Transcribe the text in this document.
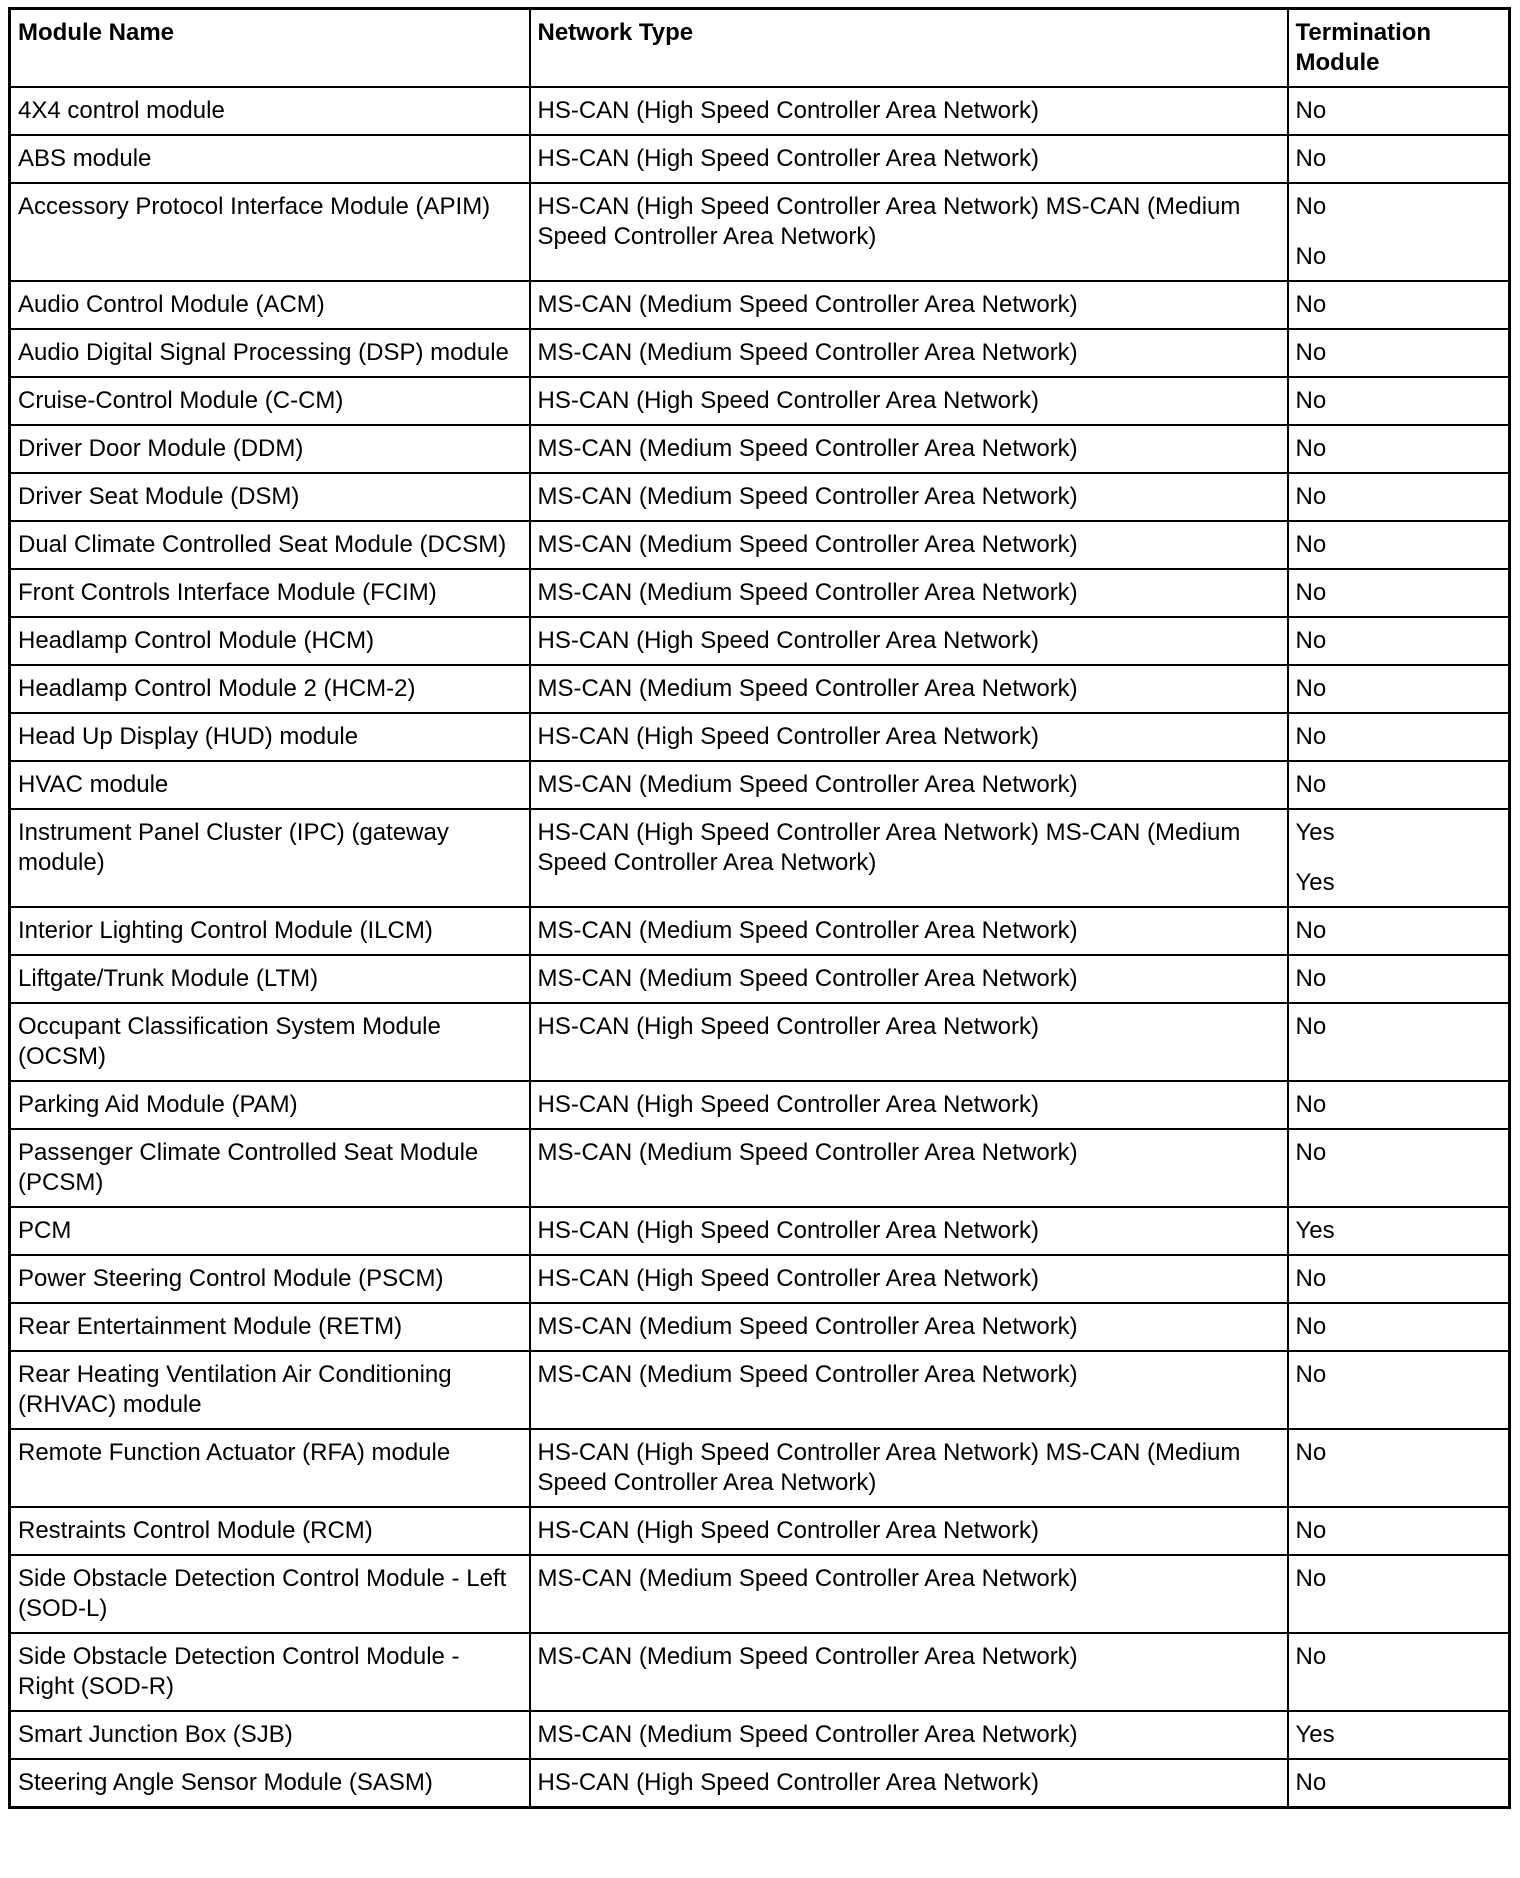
Module Name	Network Type	Termination Module
4X4 control module	HS-CAN (High Speed Controller Area Network)	No

ABS module	HS-CAN (High Speed Controller Area Network)	No

Accessory Protocol Interface Module (APIM)	HS-CAN (High Speed Controller Area Network) MS-CAN (Medium Speed Controller Area Network)	No
No

Audio Control Module (ACM)	MS-CAN (Medium Speed Controller Area Network)	No

Audio Digital Signal Processing (DSP) module	MS-CAN (Medium Speed Controller Area Network)	No

Cruise-Control Module (C-CM)	HS-CAN (High Speed Controller Area Network)	No

Driver Door Module (DDM)	MS-CAN (Medium Speed Controller Area Network)	No

Driver Seat Module (DSM)	MS-CAN (Medium Speed Controller Area Network)	No

Dual Climate Controlled Seat Module (DCSM)	MS-CAN (Medium Speed Controller Area Network)	No

Front Controls Interface Module (FCIM)	MS-CAN (Medium Speed Controller Area Network)	No

Headlamp Control Module (HCM)	HS-CAN (High Speed Controller Area Network)	No

Headlamp Control Module 2 (HCM-2)	MS-CAN (Medium Speed Controller Area Network)	No

Head Up Display (HUD) module	HS-CAN (High Speed Controller Area Network)	No

HVAC module	MS-CAN (Medium Speed Controller Area Network)	No

Instrument Panel Cluster (IPC) (gateway module)	HS-CAN (High Speed Controller Area Network) MS-CAN (Medium Speed Controller Area Network)	Yes
Yes

Interior Lighting Control Module (ILCM)	MS-CAN (Medium Speed Controller Area Network)	No

Liftgate/Trunk Module (LTM)	MS-CAN (Medium Speed Controller Area Network)	No

Occupant Classification System Module (OCSM)	HS-CAN (High Speed Controller Area Network)	No

Parking Aid Module (PAM)	HS-CAN (High Speed Controller Area Network)	No

Passenger Climate Controlled Seat Module (PCSM)	MS-CAN (Medium Speed Controller Area Network)	No

PCM	HS-CAN (High Speed Controller Area Network)	Yes

Power Steering Control Module (PSCM)	HS-CAN (High Speed Controller Area Network)	No

Rear Entertainment Module (RETM)	MS-CAN (Medium Speed Controller Area Network)	No

Rear Heating Ventilation Air Conditioning (RHVAC) module	MS-CAN (Medium Speed Controller Area Network)	No

Remote Function Actuator (RFA) module	HS-CAN (High Speed Controller Area Network) MS-CAN (Medium Speed Controller Area Network)	No

Restraints Control Module (RCM)	HS-CAN (High Speed Controller Area Network)	No

Side Obstacle Detection Control Module - Left (SOD-L)	MS-CAN (Medium Speed Controller Area Network)	No

Side Obstacle Detection Control Module - Right (SOD-R)	MS-CAN (Medium Speed Controller Area Network)	No

Smart Junction Box (SJB)	MS-CAN (Medium Speed Controller Area Network)	Yes

Steering Angle Sensor Module (SASM)	HS-CAN (High Speed Controller Area Network)	No
